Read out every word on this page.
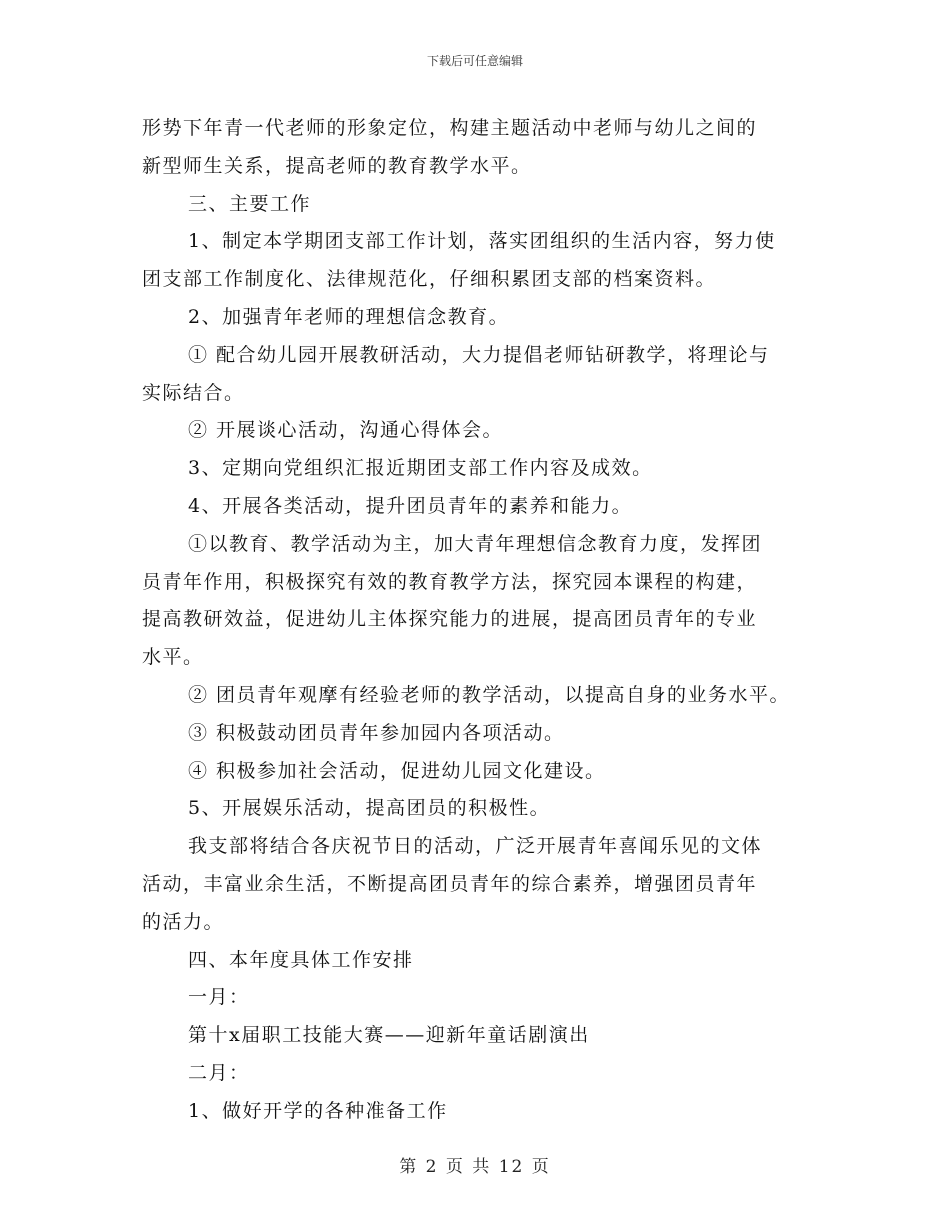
下载后可任意编辑
形势下年青一代老师的形象定位，构建主题活动中老师与幼儿之间的
新型师生关系，提高老师的教育教学水平。
三、主要工作
1、制定本学期团支部工作计划，落实团组织的生活内容，努力使
团支部工作制度化、法律规范化，仔细积累团支部的档案资料。
2、加强青年老师的理想信念教育。
① 配合幼儿园开展教研活动，大力提倡老师钻研教学，将理论与
实际结合。
② 开展谈心活动，沟通心得体会。
3、定期向党组织汇报近期团支部工作内容及成效。
4、开展各类活动，提升团员青年的素养和能力。
①以教育、教学活动为主，加大青年理想信念教育力度，发挥团
员青年作用，积极探究有效的教育教学方法，探究园本课程的构建，
提高教研效益，促进幼儿主体探究能力的进展，提高团员青年的专业
水平。
② 团员青年观摩有经验老师的教学活动，以提高自身的业务水平。
③ 积极鼓动团员青年参加园内各项活动。
④ 积极参加社会活动，促进幼儿园文化建设。
5、开展娱乐活动，提高团员的积极性。
我支部将结合各庆祝节日的活动，广泛开展青年喜闻乐见的文体
活动，丰富业余生活，不断提高团员青年的综合素养，增强团员青年
的活力。
四、本年度具体工作安排
一月：
第十x届职工技能大赛——迎新年童话剧演出
二月：
1、做好开学的各种准备工作
第 2 页 共 12 页
